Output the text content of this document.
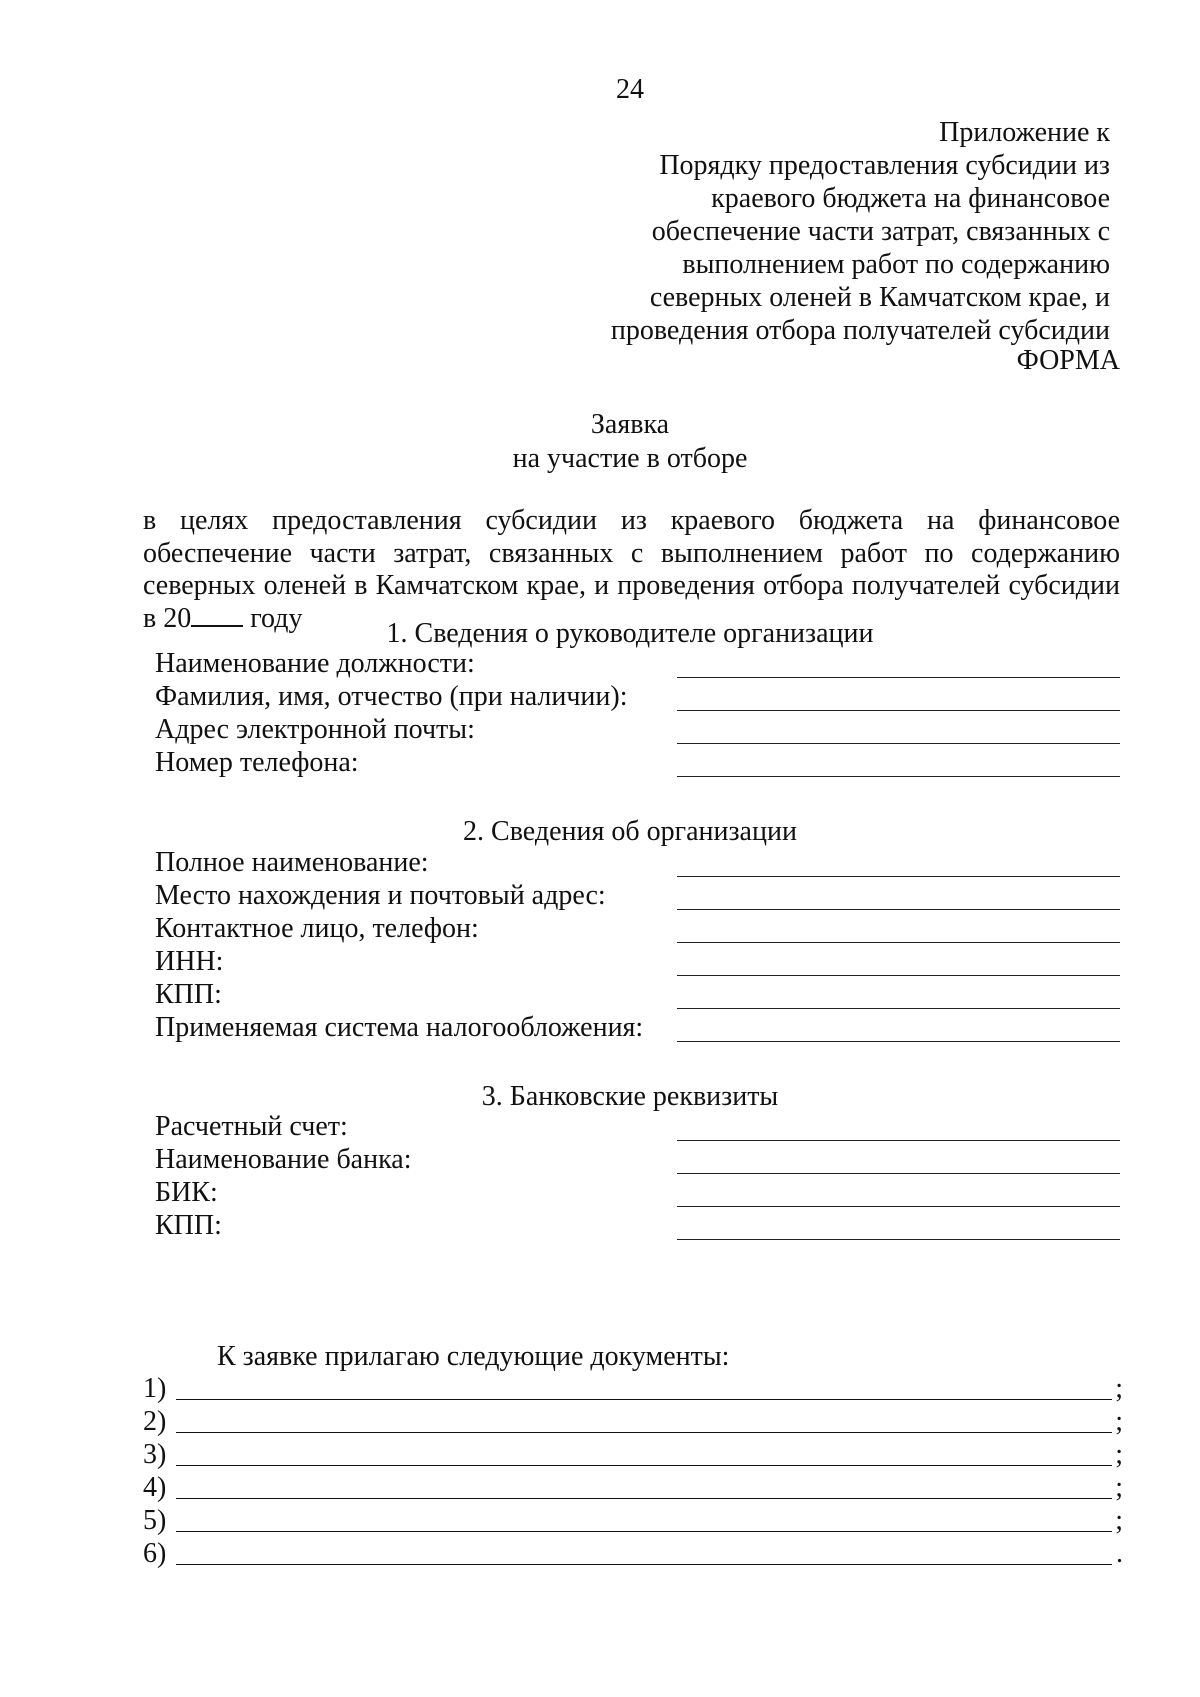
24
Приложение к
Порядку предоставления субсидии из
краевого бюджета на финансовое
обеспечение части затрат, связанных с
выполнением работ по содержанию
северных оленей в Камчатском крае, и
проведения отбора получателей субсидии
ФОРМА
Заявка
на участие в отборе
в целях предоставления субсидии из краевого бюджета на финансовое
обеспечение части затрат, связанных с выполнением работ по содержанию
северных оленей в Камчатском крае, и проведения отбора получателей субсидии
в 20 году	1. Сведения о руководителе организации
Наименование должности:
Фамилия, имя, отчество (при наличии):
Адрес электронной почты:
Номер телефона:
2. Сведения об организации
Полное наименование:
Место нахождения и почтовый адрес:
Контактное лицо, телефон:
ИНН:
КПП:
Применяемая система налогообложения:
3. Банковские реквизиты
Расчетный счет:
Наименование банка:
БИК:
КПП:
К заявке прилагаю следующие документы:
1)	;
2)	;
3)	;
4)	;
5)	;
6)	.
